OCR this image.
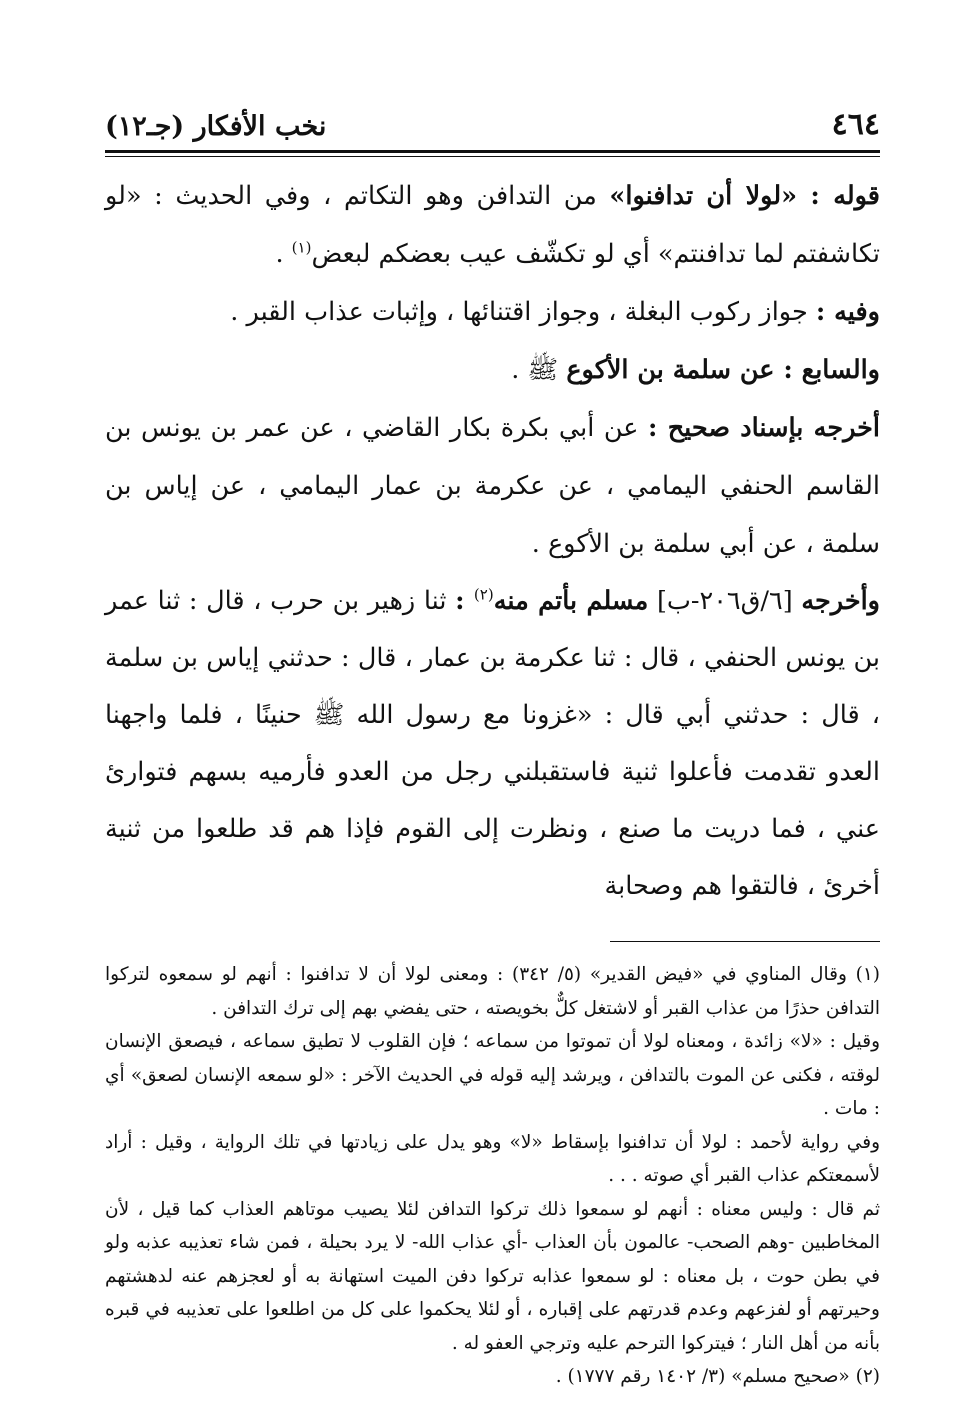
٤٦٤
نخب الأفكار (جـ١٢)

قوله : «لولا أن تدافنوا» من التدافن وهو التكاتم ، وفي الحديث : «لو تكاشفتم لما تدافنتم» أي لو تكشّف عيب بعضكم لبعض$^{(١)}$ .

وفيه : جواز ركوب البغلة ، وجواز اقتنائها ، وإثبات عذاب القبر .

والسابع : عن سلمة بن الأكوع ﷺ .

أخرجه بإسناد صحيح : عن أبي بكرة بكار القاضي ، عن عمر بن يونس بن القاسم الحنفي اليمامي ، عن عكرمة بن عمار اليمامي ، عن إياس بن سلمة ، عن أبي سلمة بن الأكوع .

وأخرجه [٦/ق٢٠٦-ب] مسلم بأتم منه$^{(٢)}$ : ثنا زهير بن حرب ، قال : ثنا عمر بن يونس الحنفي ، قال : ثنا عكرمة بن عمار ، قال : حدثني إياس بن سلمة ، قال : حدثني أبي قال : «غزونا مع رسول الله ﷺ حنينًا ، فلما واجهنا العدو تقدمت فأعلوا ثنية فاستقبلني رجل من العدو فأرميه بسهم فتوارئ عني ، فما دريت ما صنع ، ونظرت إلى القوم فإذا هم قد طلعوا من ثنية أخرئ ، فالتقوا هم وصحابة

(١) وقال المناوي في «فيض القدير» (٥/ ٣٤٢) : ومعنى لولا أن لا تدافنوا : أنهم لو سمعوه لتركوا التدافن حذرًا من عذاب القبر أو لاشتغل كلٌّ بخويصته ، حتى يفضي بهم إلى ترك التدافن .

وقيل : «لا» زائدة ، ومعناه لولا أن تموتوا من سماعه ؛ فإن القلوب لا تطيق سماعه ، فيصعق الإنسان لوقته ، فكنى عن الموت بالتدافن ، ويرشد إليه قوله في الحديث الآخر : «لو سمعه الإنسان لصعق» أي : مات .

وفي رواية لأحمد : لولا أن تدافنوا بإسقاط «لا» وهو يدل على زيادتها في تلك الرواية ، وقيل : أراد لأسمعتكم عذاب القبر أي صوته . . .

ثم قال : وليس معناه : أنهم لو سمعوا ذلك تركوا التدافن لئلا يصيب موتاهم العذاب كما قيل ، لأن المخاطبين -وهم الصحب- عالمون بأن العذاب -أي عذاب الله- لا يرد بحيلة ، فمن شاء تعذيبه عذبه ولو في بطن حوت ، بل معناه : لو سمعوا عذابه تركوا دفن الميت استهانة به أو لعجزهم عنه لدهشتهم وحيرتهم أو لفزعهم وعدم قدرتهم على إقباره ، أو لئلا يحكموا على كل من اطلعوا على تعذيبه في قبره بأنه من أهل النار ؛ فيتركوا الترحم عليه وترجي العفو له .

(٢) «صحيح مسلم» (٣/ ١٤٠٢ رقم ١٧٧٧) .
